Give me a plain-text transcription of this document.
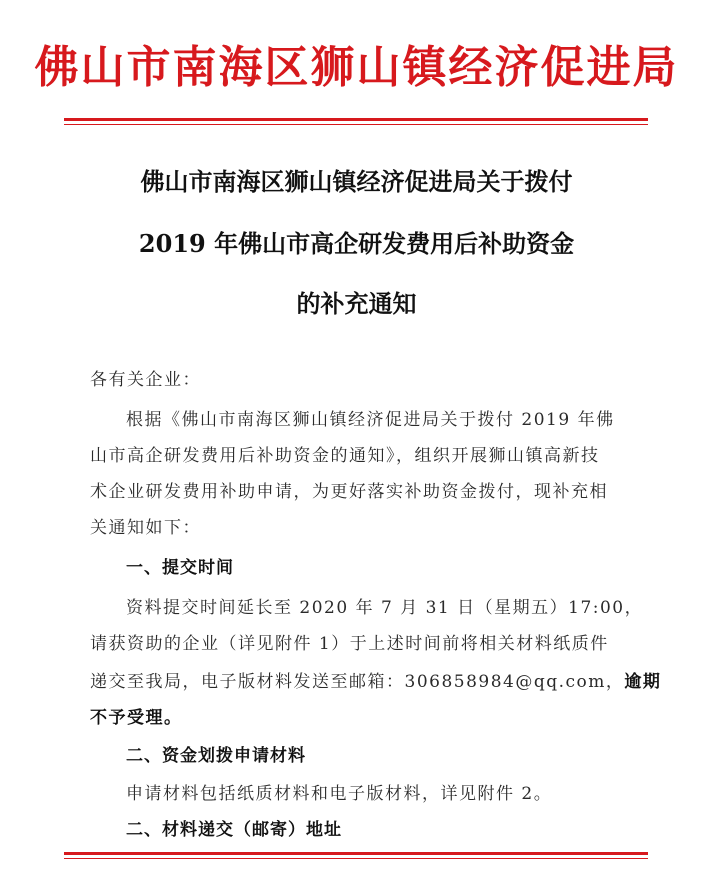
佛山市南海区狮山镇经济促进局
佛山市南海区狮山镇经济促进局关于拨付
2019 年佛山市高企研发费用后补助资金
的补充通知
各有关企业：
根据《佛山市南海区狮山镇经济促进局关于拨付 2019 年佛
山市高企研发费用后补助资金的通知》，组织开展狮山镇高新技
术企业研发费用补助申请，为更好落实补助资金拨付，现补充相
关通知如下：
一、提交时间
资料提交时间延长至 2020 年 7 月 31 日（星期五）17:00，
请获资助的企业（详见附件 1）于上述时间前将相关材料纸质件
递交至我局，电子版材料发送至邮箱：306858984@qq.com，逾期
不予受理。
二、资金划拨申请材料
申请材料包括纸质材料和电子版材料，详见附件 2。
二、材料递交（邮寄）地址
